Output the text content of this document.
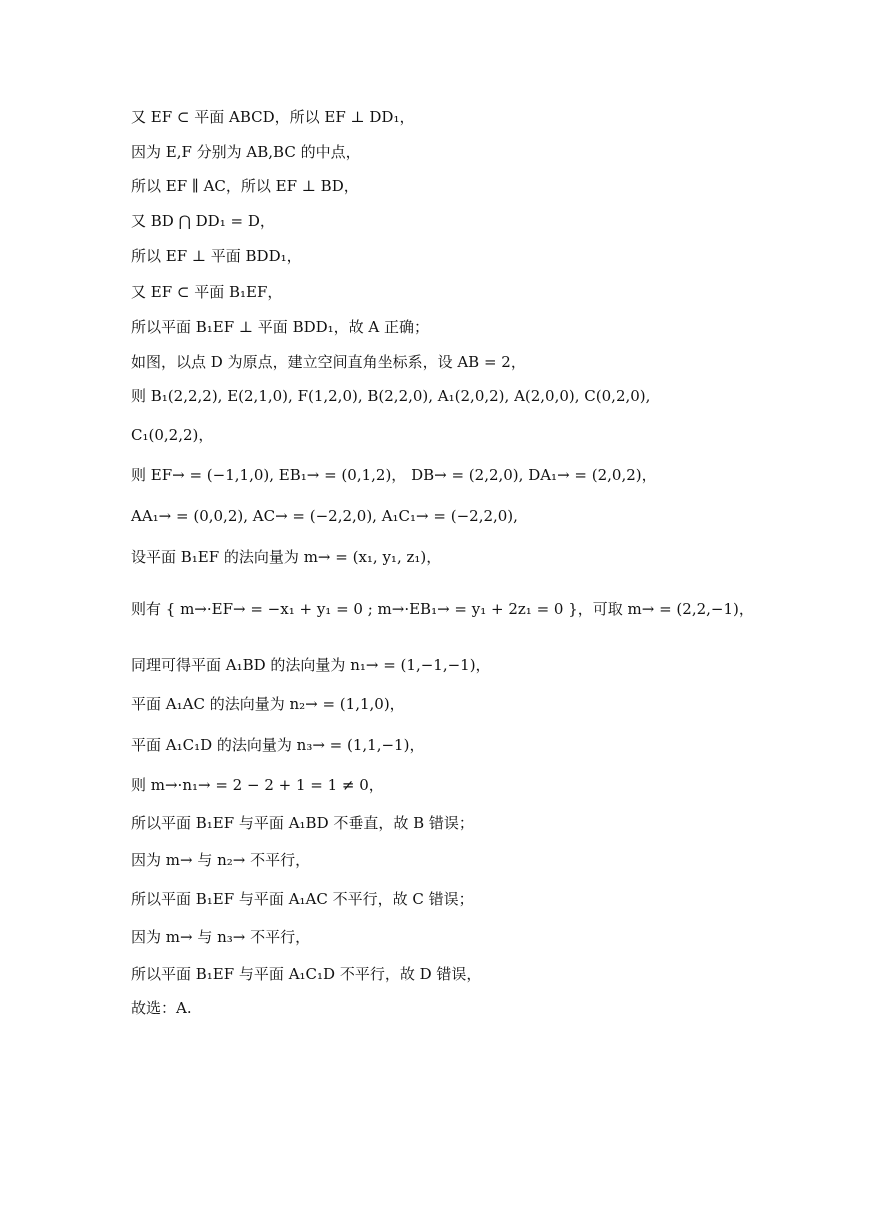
又 EF ⊂ 平面 ABCD，所以 EF ⊥ DD₁，
因为 E,F 分别为 AB,BC 的中点，
所以 EF ∥ AC，所以 EF ⊥ BD，
又 BD ⋂ DD₁ = D，
所以 EF ⊥ 平面 BDD₁，
又 EF ⊂ 平面 B₁EF，
所以平面 B₁EF ⊥ 平面 BDD₁，故 A 正确；
如图，以点 D 为原点，建立空间直角坐标系，设 AB = 2，
则 B₁(2,2,2), E(2,1,0), F(1,2,0), B(2,2,0), A₁(2,0,2), A(2,0,0), C(0,2,0),
C₁(0,2,2)，
则 EF→ = (−1,1,0), EB₁→ = (0,1,2)， DB→ = (2,2,0), DA₁→ = (2,0,2)，
AA₁→ = (0,0,2), AC→ = (−2,2,0), A₁C₁→ = (−2,2,0),
设平面 B₁EF 的法向量为 m→ = (x₁, y₁, z₁)，
则有 { m→·EF→ = −x₁ + y₁ = 0 ; m→·EB₁→ = y₁ + 2z₁ = 0 }，可取 m→ = (2,2,−1)，
同理可得平面 A₁BD 的法向量为 n₁→ = (1,−1,−1)，
平面 A₁AC 的法向量为 n₂→ = (1,1,0)，
平面 A₁C₁D 的法向量为 n₃→ = (1,1,−1)，
则 m→·n₁→ = 2 − 2 + 1 = 1 ≠ 0，
所以平面 B₁EF 与平面 A₁BD 不垂直，故 B 错误；
因为 m→ 与 n₂→ 不平行，
所以平面 B₁EF 与平面 A₁AC 不平行，故 C 错误；
因为 m→ 与 n₃→ 不平行，
所以平面 B₁EF 与平面 A₁C₁D 不平行，故 D 错误，
故选：A.
